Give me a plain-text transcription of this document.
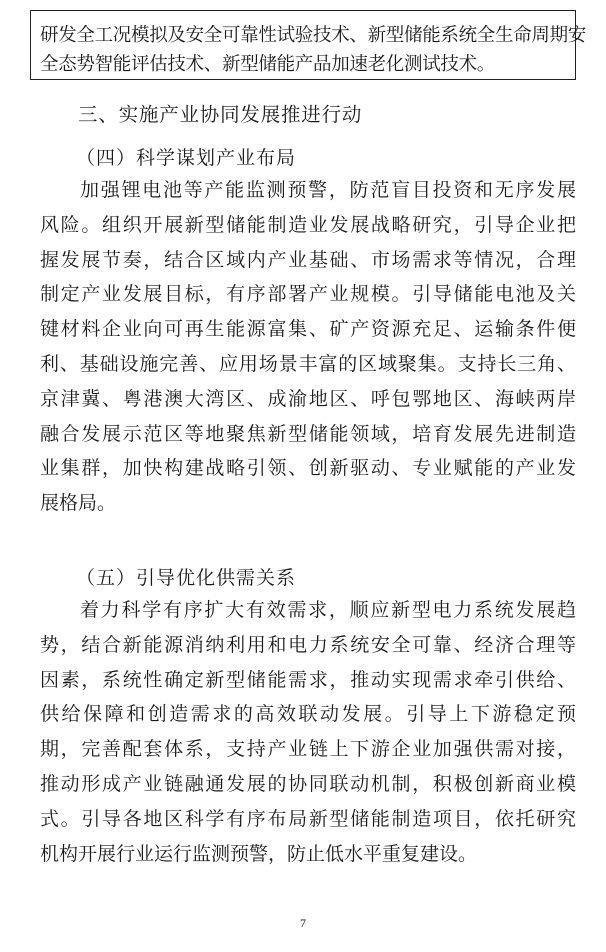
研发全工况模拟及安全可靠性试验技术、新型储能系统全生命周期安
全态势智能评估技术、新型储能产品加速老化测试技术。
三、实施产业协同发展推进行动
（四）科学谋划产业布局
加强锂电池等产能监测预警，防范盲目投资和无序发展
风险。组织开展新型储能制造业发展战略研究，引导企业把
握发展节奏，结合区域内产业基础、市场需求等情况，合理
制定产业发展目标，有序部署产业规模。引导储能电池及关
键材料企业向可再生能源富集、矿产资源充足、运输条件便
利、基础设施完善、应用场景丰富的区域聚集。支持长三角、
京津冀、粤港澳大湾区、成渝地区、呼包鄂地区、海峡两岸
融合发展示范区等地聚焦新型储能领域，培育发展先进制造
业集群，加快构建战略引领、创新驱动、专业赋能的产业发
展格局。
（五）引导优化供需关系
着力科学有序扩大有效需求，顺应新型电力系统发展趋
势，结合新能源消纳利用和电力系统安全可靠、经济合理等
因素，系统性确定新型储能需求，推动实现需求牵引供给、
供给保障和创造需求的高效联动发展。引导上下游稳定预
期，完善配套体系，支持产业链上下游企业加强供需对接，
推动形成产业链融通发展的协同联动机制，积极创新商业模
式。引导各地区科学有序布局新型储能制造项目，依托研究
机构开展行业运行监测预警，防止低水平重复建设。
7
